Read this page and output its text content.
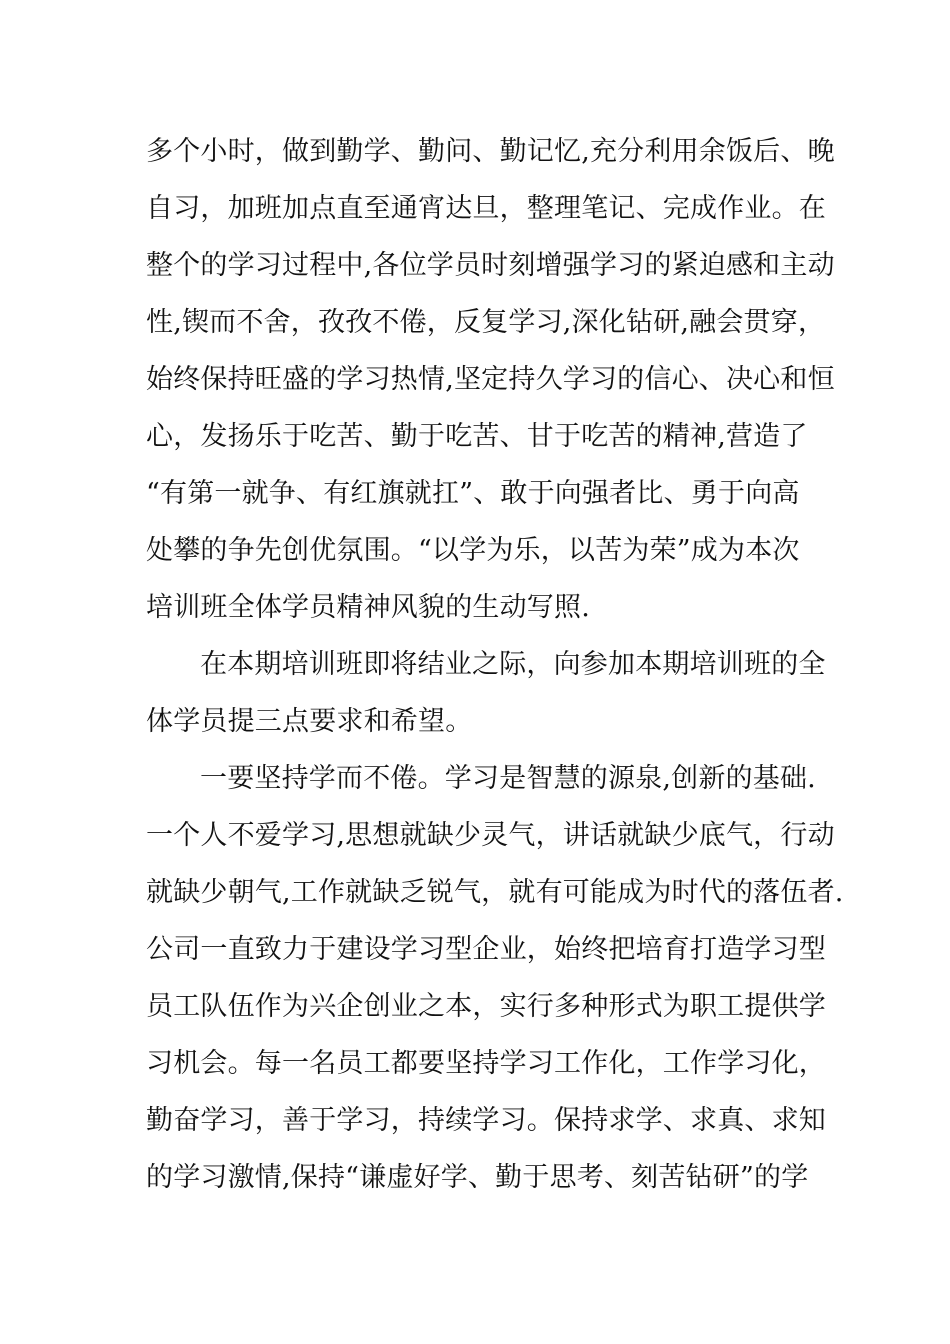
多个小时，做到勤学、勤问、勤记忆,充分利用余饭后、晚
自习，加班加点直至通宵达旦，整理笔记、完成作业。在
整个的学习过程中,各位学员时刻增强学习的紧迫感和主动
性,锲而不舍，孜孜不倦，反复学习,深化钻研,融会贯穿，
始终保持旺盛的学习热情,坚定持久学习的信心、决心和恒
心，发扬乐于吃苦、勤于吃苦、甘于吃苦的精神,营造了
“有第一就争、有红旗就扛”、敢于向强者比、勇于向高
处攀的争先创优氛围。“以学为乐，以苦为荣”成为本次
培训班全体学员精神风貌的生动写照.
在本期培训班即将结业之际，向参加本期培训班的全
体学员提三点要求和希望。
一要坚持学而不倦。学习是智慧的源泉,创新的基础.
一个人不爱学习,思想就缺少灵气，讲话就缺少底气，行动
就缺少朝气,工作就缺乏锐气，就有可能成为时代的落伍者.
公司一直致力于建设学习型企业，始终把培育打造学习型
员工队伍作为兴企创业之本，实行多种形式为职工提供学
习机会。每一名员工都要坚持学习工作化，工作学习化，
勤奋学习，善于学习，持续学习。保持求学、求真、求知
的学习激情,保持“谦虚好学、勤于思考、刻苦钻研”的学
